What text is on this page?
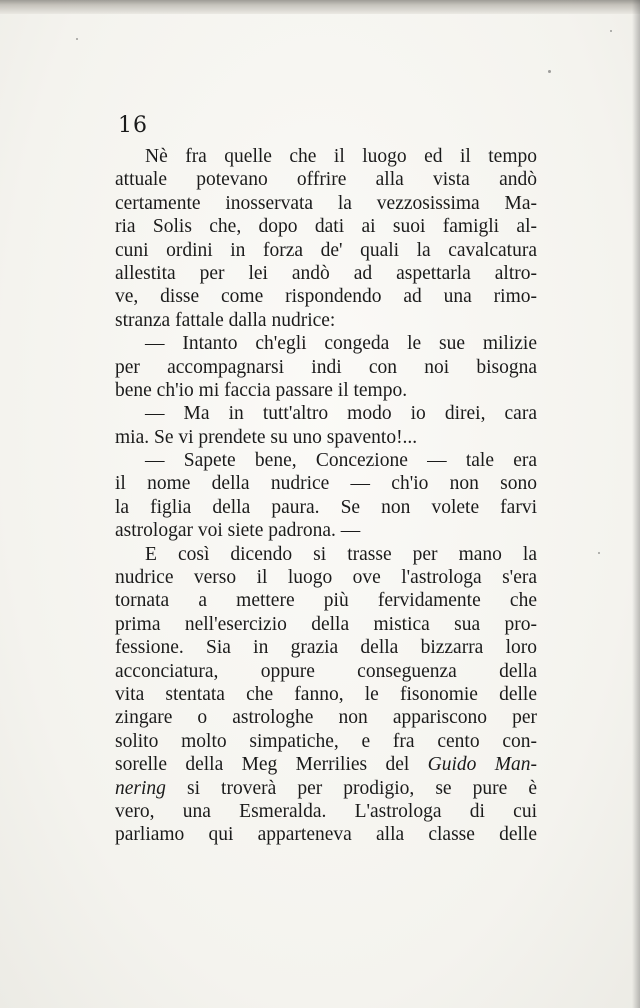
16
Nè fra quelle che il luogo ed il tempo
attuale potevano offrire alla vista andò
certamente inosservata la vezzosissima Ma-
ria Solis che, dopo dati ai suoi famigli al-
cuni ordini in forza de' quali la cavalcatura
allestita per lei andò ad aspettarla altro-
ve, disse come rispondendo ad una rimo-
stranza fattale dalla nudrice:
— Intanto ch'egli congeda le sue milizie
per accompagnarsi indi con noi bisogna
bene ch'io mi faccia passare il tempo.
— Ma in tutt'altro modo io direi, cara
mia. Se vi prendete su uno spavento!...
— Sapete bene, Concezione — tale era
il nome della nudrice — ch'io non sono
la figlia della paura. Se non volete farvi
astrologar voi siete padrona. —
E così dicendo si trasse per mano la
nudrice verso il luogo ove l'astrologa s'era
tornata a mettere più fervidamente che
prima nell'esercizio della mistica sua pro-
fessione. Sia in grazia della bizzarra loro
acconciatura, oppure conseguenza della
vita stentata che fanno, le fisonomie delle
zingare o astrologhe non appariscono per
solito molto simpatiche, e fra cento con-
sorelle della Meg Merrilies del Guido Man-
nering si troverà per prodigio, se pure è
vero, una Esmeralda. L'astrologa di cui
parliamo qui apparteneva alla classe delle
